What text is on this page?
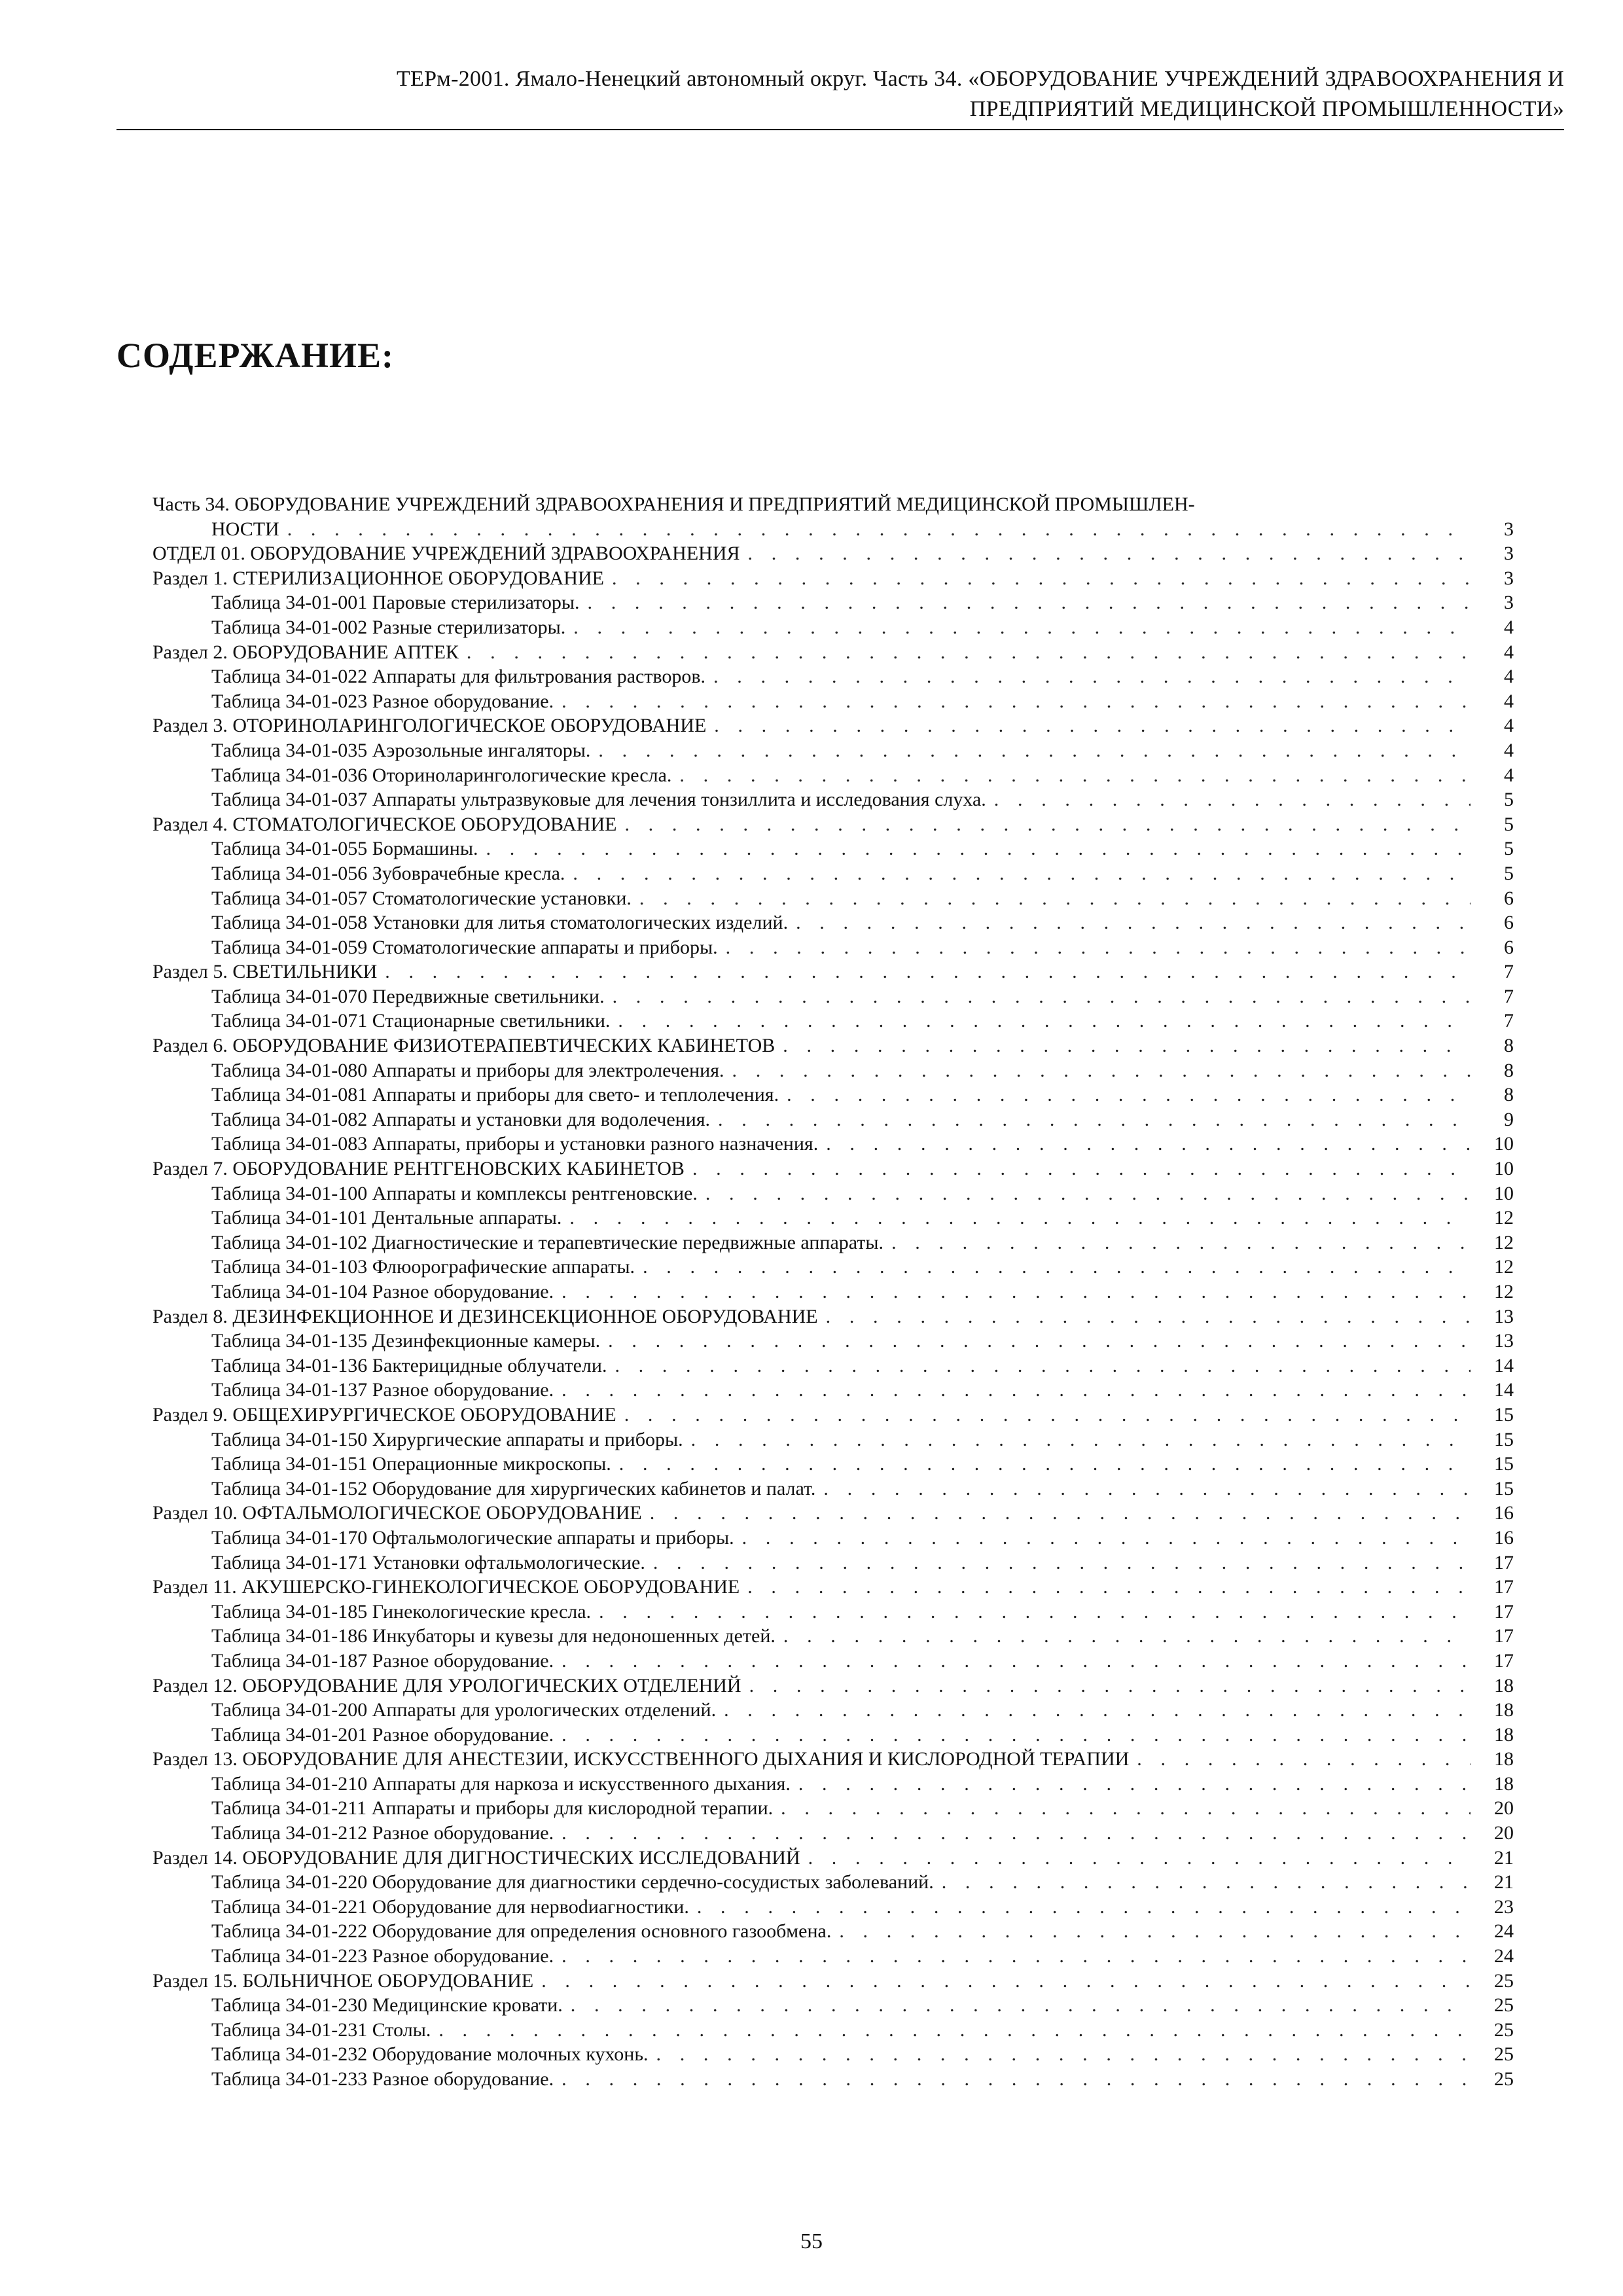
ТЕРм-2001. Ямало-Ненецкий автономный округ. Часть 34. «ОБОРУДОВАНИЕ УЧРЕЖДЕНИЙ ЗДРАВООХРАНЕНИЯ И
ПРЕДПРИЯТИЙ МЕДИЦИНСКОЙ ПРОМЫШЛЕННОСТИ»
СОДЕРЖАНИЕ:
Часть 34. ОБОРУДОВАНИЕ УЧРЕЖДЕНИЙ ЗДРАВООХРАНЕНИЯ И ПРЕДПРИЯТИЙ МЕДИЦИНСКОЙ ПРОМЫШЛЕН-
НОСТИ . . .	3
ОТДЕЛ 01. ОБОРУДОВАНИЕ УЧРЕЖДЕНИЙ ЗДРАВООХРАНЕНИЯ . . .	3
Раздел 1. СТЕРИЛИЗАЦИОННОЕ ОБОРУДОВАНИЕ . . .	3
Таблица 34-01-001 Паровые стерилизаторы. . . .	3
Таблица 34-01-002 Разные стерилизаторы. . . .	4
Раздел 2. ОБОРУДОВАНИЕ АПТЕК . . .	4
Таблица 34-01-022 Аппараты для фильтрования растворов. . . .	4
Таблица 34-01-023 Разное оборудование. . . .	4
Раздел 3. ОТОРИНОЛАРИНГОЛОГИЧЕСКОЕ ОБОРУДОВАНИЕ . . .	4
Таблица 34-01-035 Аэрозольные ингаляторы. . . .	4
Таблица 34-01-036 Оториноларингологические кресла. . . .	4
Таблица 34-01-037 Аппараты ультразвуковые для лечения тонзиллита и исследования слуха. . . .	5
Раздел 4. СТОМАТОЛОГИЧЕСКОЕ ОБОРУДОВАНИЕ . . .	5
Таблица 34-01-055 Бормашины. . . .	5
Таблица 34-01-056 Зубоврачебные кресла. . . .	5
Таблица 34-01-057 Стоматологические установки. . . .	6
Таблица 34-01-058 Установки для литья стоматологических изделий. . . .	6
Таблица 34-01-059 Стоматологические аппараты и приборы. . . .	6
Раздел 5. СВЕТИЛЬНИКИ . . .	7
Таблица 34-01-070 Передвижные светильники. . . .	7
Таблица 34-01-071 Стационарные светильники. . . .	7
Раздел 6. ОБОРУДОВАНИЕ ФИЗИОТЕРАПЕВТИЧЕСКИХ КАБИНЕТОВ . . .	8
Таблица 34-01-080 Аппараты и приборы для электролечения. . . .	8
Таблица 34-01-081 Аппараты и приборы для свето- и теплолечения. . . .	8
Таблица 34-01-082 Аппараты и установки для водолечения. . . .	9
Таблица 34-01-083 Аппараты, приборы и установки разного назначения. . . .	10
Раздел 7. ОБОРУДОВАНИЕ РЕНТГЕНОВСКИХ КАБИНЕТОВ . . .	10
Таблица 34-01-100 Аппараты и комплексы рентгеновские. . . .	10
Таблица 34-01-101 Дентальные аппараты. . . .	12
Таблица 34-01-102 Диагностические и терапевтические передвижные аппараты. . . .	12
Таблица 34-01-103 Флюорографические аппараты. . . .	12
Таблица 34-01-104 Разное оборудование. . . .	12
Раздел 8. ДЕЗИНФЕКЦИОННОЕ И ДЕЗИНСЕКЦИОННОЕ ОБОРУДОВАНИЕ . . .	13
Таблица 34-01-135 Дезинфекционные камеры. . . .	13
Таблица 34-01-136 Бактерицидные облучатели. . . .	14
Таблица 34-01-137 Разное оборудование. . . .	14
Раздел 9. ОБЩЕХИРУРГИЧЕСКОЕ ОБОРУДОВАНИЕ . . .	15
Таблица 34-01-150 Хирургические аппараты и приборы. . . .	15
Таблица 34-01-151 Операционные микроскопы. . . .	15
Таблица 34-01-152 Оборудование для хирургических кабинетов и палат. . . .	15
Раздел 10. ОФТАЛЬМОЛОГИЧЕСКОЕ ОБОРУДОВАНИЕ . . .	16
Таблица 34-01-170 Офтальмологические аппараты и приборы. . . .	16
Таблица 34-01-171 Установки офтальмологические. . . .	17
Раздел 11. АКУШЕРСКО-ГИНЕКОЛОГИЧЕСКОЕ ОБОРУДОВАНИЕ . . .	17
Таблица 34-01-185 Гинекологические кресла. . . .	17
Таблица 34-01-186 Инкубаторы и кувезы для недоношенных детей. . . .	17
Таблица 34-01-187 Разное оборудование. . . .	17
Раздел 12. ОБОРУДОВАНИЕ ДЛЯ УРОЛОГИЧЕСКИХ ОТДЕЛЕНИЙ . . .	18
Таблица 34-01-200 Аппараты для урологических отделений. . . .	18
Таблица 34-01-201 Разное оборудование. . . .	18
Раздел 13. ОБОРУДОВАНИЕ ДЛЯ АНЕСТЕЗИИ, ИСКУССТВЕННОГО ДЫХАНИЯ И КИСЛОРОДНОЙ ТЕРАПИИ . . .	18
Таблица 34-01-210 Аппараты для наркоза и искусственного дыхания. . . .	18
Таблица 34-01-211 Аппараты и приборы для кислородной терапии. . . .	20
Таблица 34-01-212 Разное оборудование. . . .	20
Раздел 14. ОБОРУДОВАНИЕ ДЛЯ ДИГНОСТИЧЕСКИХ ИССЛЕДОВАНИЙ . . .	21
Таблица 34-01-220 Оборудование для диагностики сердечно-сосудистых заболеваний. . . .	21
Таблица 34-01-221 Оборудование для нервodиагностики. . . .	23
Таблица 34-01-222 Оборудование для определения основного газообмена. . . .	24
Таблица 34-01-223 Разное оборудование. . . .	24
Раздел 15. БОЛЬНИЧНОЕ ОБОРУДОВАНИЕ . . .	25
Таблица 34-01-230 Медицинские кровати. . . .	25
Таблица 34-01-231 Столы. . . .	25
Таблица 34-01-232 Оборудование молочных кухонь. . . .	25
Таблица 34-01-233 Разное оборудование. . . .	25
55
